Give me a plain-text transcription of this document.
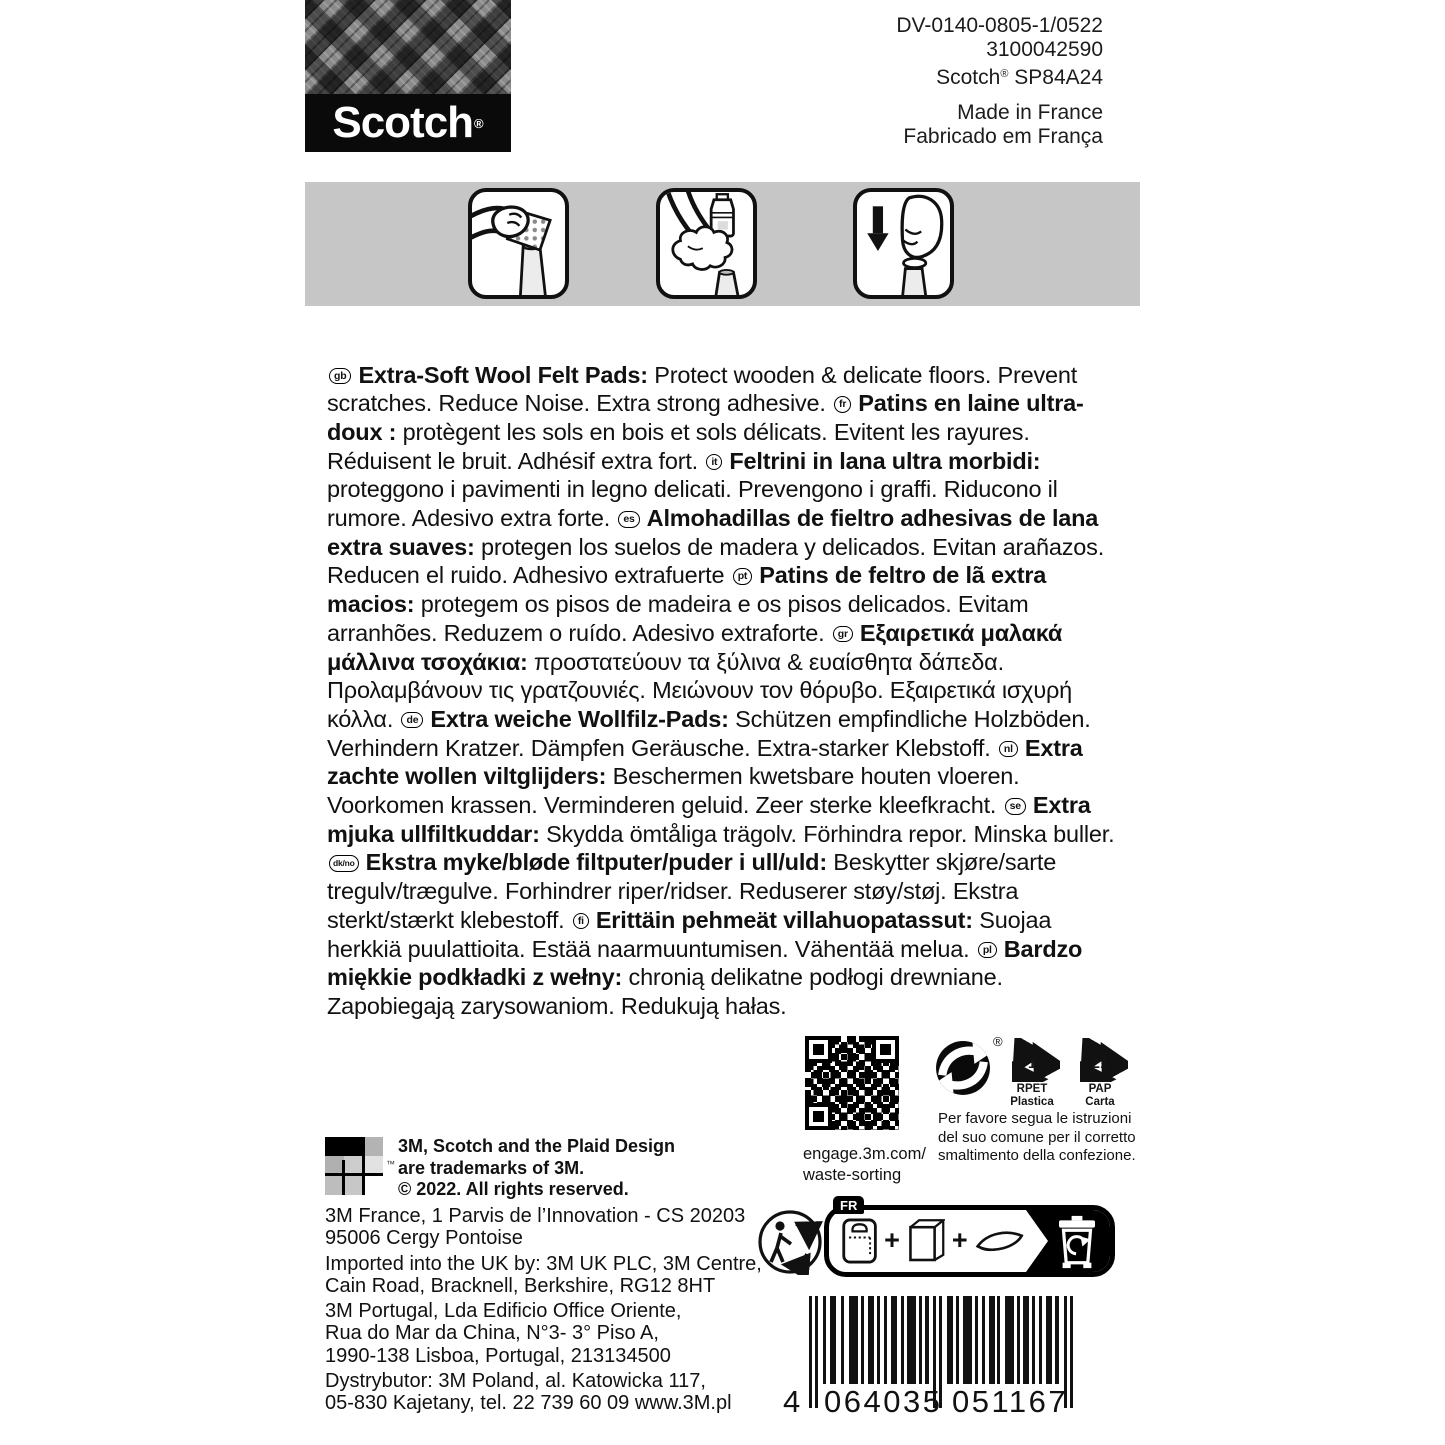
Scotch ®
DV-0140-0805-1/0522
3100042590
Scotch® SP84A24
Made in France
Fabricado em França

gb Extra-Soft Wool Felt Pads: Protect wooden & delicate floors. Prevent scratches. Reduce Noise. Extra strong adhesive. fr Patins en laine ultra-doux : protègent les sols en bois et sols délicats. Evitent les rayures. Réduisent le bruit. Adhésif extra fort. it Feltrini in lana ultra morbidi: proteggono i pavimenti in legno delicati. Prevengono i graffi. Riducono il rumore. Adesivo extra forte. es Almohadillas de fieltro adhesivas de lana extra suaves: protegen los suelos de madera y delicados. Evitan arañazos. Reducen el ruido. Adhesivo extrafuerte pt Patins de feltro de lã extra macios: protegem os pisos de madeira e os pisos delicados. Evitam arranhões. Reduzem o ruído. Adesivo extraforte. gr Εξαιρετικά μαλακά μάλλινα τσοχάκια: προστατεύουν τα ξύλινα & ευαίσθητα δάπεδα. Προλαμβάνουν τις γρατζουνιές. Μειώνουν τον θόρυβο. Εξαιρετικά ισχυρή κόλλα. de Extra weiche Wollfilz-Pads: Schützen empfindliche Holzböden. Verhindern Kratzer. Dämpfen Geräusche. Extra-starker Klebstoff. nl Extra zachte wollen viltglijders: Beschermen kwetsbare houten vloeren. Voorkomen krassen. Verminderen geluid. Zeer sterke kleefkracht. se Extra mjuka ullfiltkuddar: Skydda ömtåliga trägolv. Förhindra repor. Minska buller. dk/no Ekstra myke/bløde filtputer/puder i ull/uld: Beskytter skjøre/sarte tregulv/trægulve. Forhindrer riper/ridser. Reduserer støy/støj. Ekstra sterkt/stærkt klebestoff. fi Erittäin pehmeät villahuopatassut: Suojaa herkkiä puulattioita. Estää naarmuuntumisen. Vähentää melua. pl Bardzo miękkie podkładki z wełny: chronią delikatne podłogi drewniane. Zapobiegają zarysowaniom. Redukują hałas.

engage.3m.com/
waste-sorting
®
1
RPET
Plastica
21
PAP
Carta
Per favore segua le istruzioni
del suo comune per il corretto
smaltimento della confezione.
™
3M, Scotch and the Plaid Design
are trademarks of 3M.
© 2022. All rights reserved.
3M France, 1 Parvis de l’Innovation - CS 20203
95006 Cergy Pontoise
Imported into the UK by: 3M UK PLC, 3M Centre,
Cain Road, Bracknell, Berkshire, RG12 8HT
3M Portugal, Lda Edificio Office Oriente,
Rua do Mar da China, N°3- 3° Piso A,
1990-138 Lisboa, Portugal, 213134500
Dystrybutor: 3M Poland, al. Katowicka 117,
05-830 Kajetany, tel. 22 739 60 09 www.3M.pl
FR
+ +
4 064035 051167
